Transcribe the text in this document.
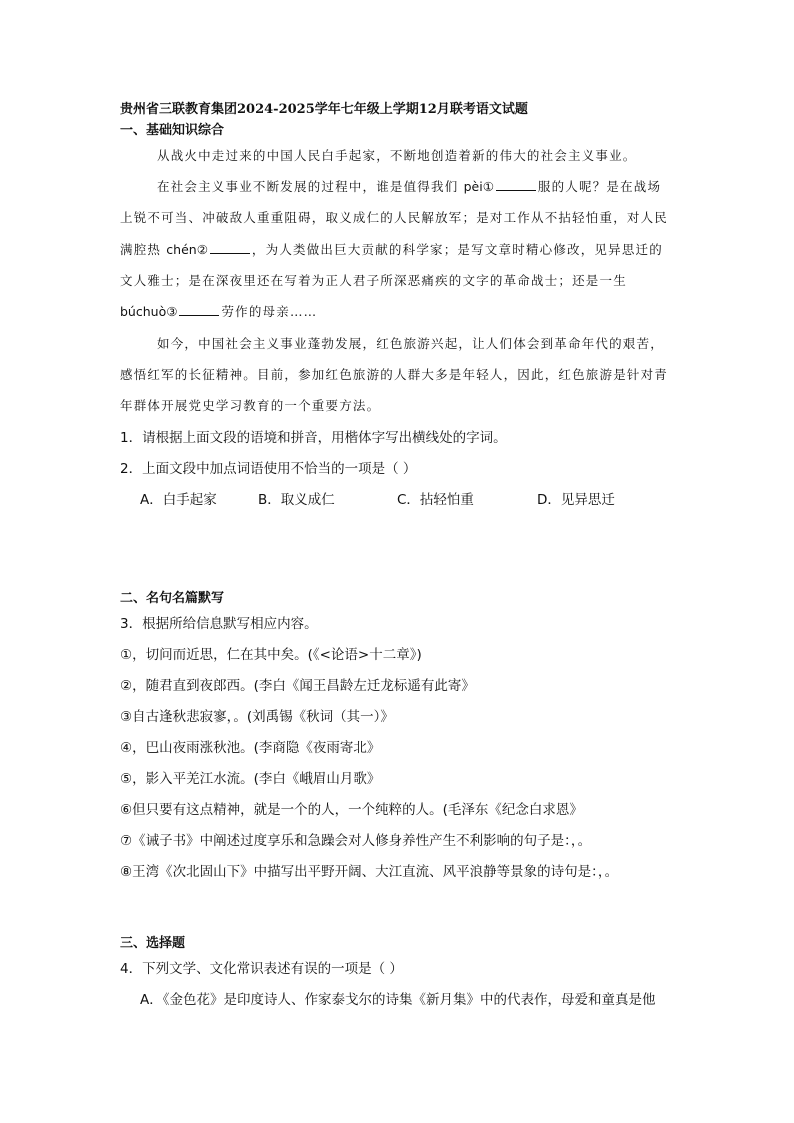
贵州省三联教育集团2024-2025学年七年级上学期12月联考语文试题
一、基础知识综合
从战火中走过来的中国人民白手起家，不断地创造着新的伟大的社会主义事业。
在社会主义事业不断发展的过程中，谁是值得我们 pèi①	服的人呢？是在战场
上锐不可当、冲破敌人重重阻碍，取义成仁的人民解放军；是对工作从不拈轻怕重，对人民
满腔热 chén②	，为人类做出巨大贡献的科学家；是写文章时精心修改，见异思迁的
文人雅士；是在深夜里还在写着为正人君子所深恶痛疾的文字的革命战士；还是一生
búchuò③	劳作的母亲……
如今，中国社会主义事业蓬勃发展，红色旅游兴起，让人们体会到革命年代的艰苦，
感悟红军的长征精神。目前，参加红色旅游的人群大多是年轻人，因此，红色旅游是针对青
年群体开展党史学习教育的一个重要方法。
1．请根据上面文段的语境和拼音，用楷体字写出横线处的字词。
2．上面文段中加点词语使用不恰当的一项是（ ）
A．白手起家	B．取义成仁	C．拈轻怕重	D．见异思迁
二、名句名篇默写
3．根据所给信息默写相应内容。
①，切问而近思，仁在其中矣。(《<论语>十二章》)
②，随君直到夜郎西。(李白《闻王昌龄左迁龙标遥有此寄》
③自古逢秋悲寂寥，。(刘禹锡《秋词（其一）》
④，巴山夜雨涨秋池。(李商隐《夜雨寄北》
⑤，影入平羌江水流。(李白《峨眉山月歌》
⑥但只要有这点精神，就是一个的人，一个纯粹的人。(毛泽东《纪念白求恩》
⑦《诫子书》中阐述过度享乐和急躁会对人修身养性产生不利影响的句子是：，。
⑧王湾《次北固山下》中描写出平野开阔、大江直流、风平浪静等景象的诗句是：，。
三、选择题
4．下列文学、文化常识表述有误的一项是（ ）
A．《金色花》是印度诗人、作家泰戈尔的诗集《新月集》中的代表作，母爱和童真是他
